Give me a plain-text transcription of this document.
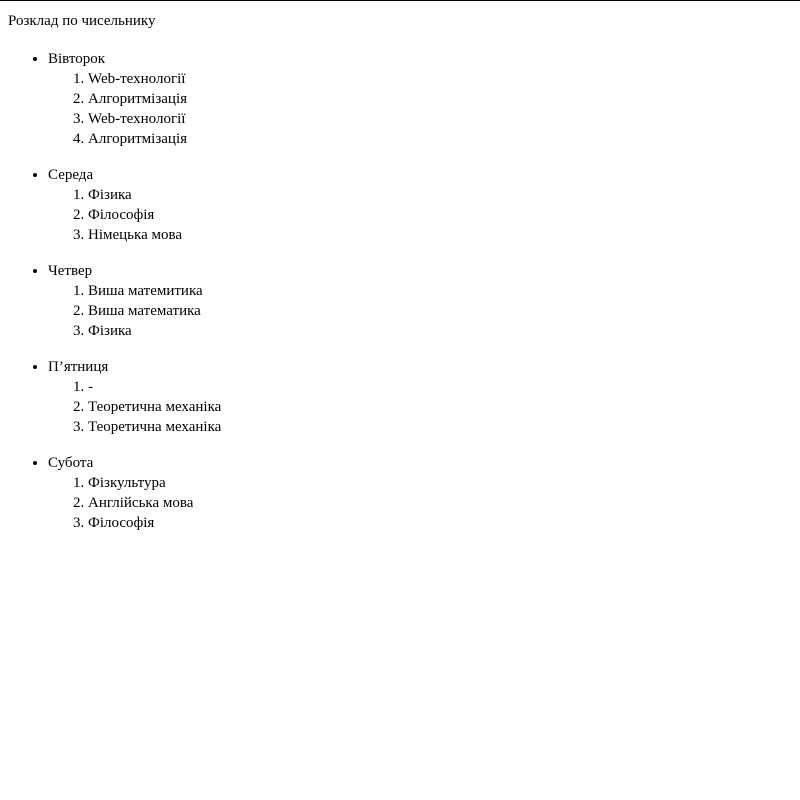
Розклад по чисельнику
• Вівторок
1. Web-технології
2. Алгоритмізація
3. Web-технології
4. Алгоритмізація
• Середа
1. Фізика
2. Філософія
3. Німецька мова
• Четвер
1. Виша матемитика
2. Виша математика
3. Фізика
• П’ятниця
1. -
2. Теоретична механіка
3. Теоретична механіка
• Субота
1. Фізкультура
2. Англійська мова
3. Філософія
